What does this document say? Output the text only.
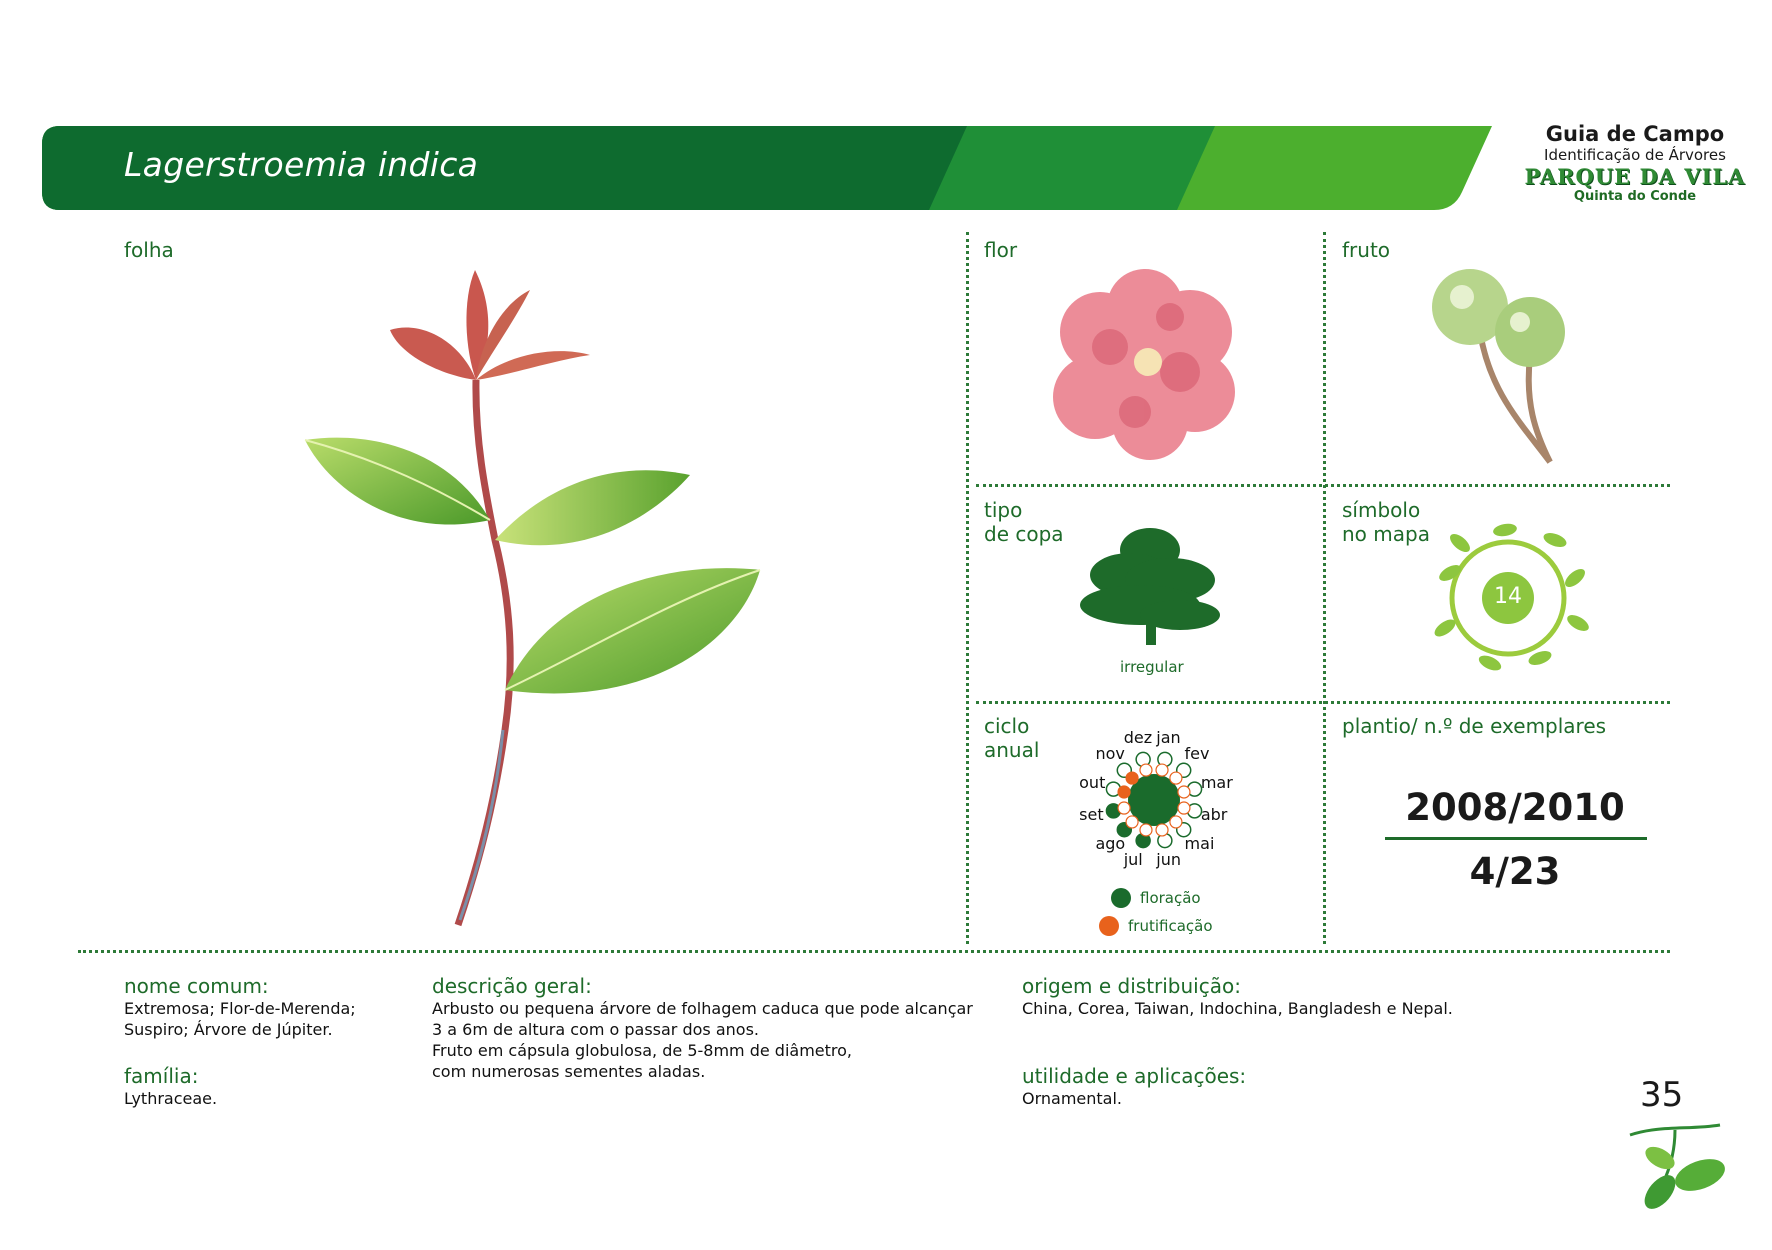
Lagerstroemia indica
Guia de Campo
Identificação de Árvores
PARQUE DA VILA
Quinta do Conde
folha	flor	fruto
tipo
de copa
irregular
símbolo
no mapa
14
ciclo
anual
jan
fev
mar
abr
mai
jun
jul
ago
set
out
nov
dez
floração
frutificação
plantio/ n.º de exemplares
2008/2010
4/23
nome comum:
Extremosa; Flor-de-Merenda;
Suspiro; Árvore de Júpiter.
família:
Lythraceae.
descrição geral:
Arbusto ou pequena árvore de folhagem caduca que pode alcançar
3 a 6m de altura com o passar dos anos.
Fruto em cápsula globulosa, de 5-8mm de diâmetro,
com numerosas sementes aladas.
origem e distribuição:
China, Corea, Taiwan, Indochina, Bangladesh e Nepal.
utilidade e aplicações:
Ornamental.	35
